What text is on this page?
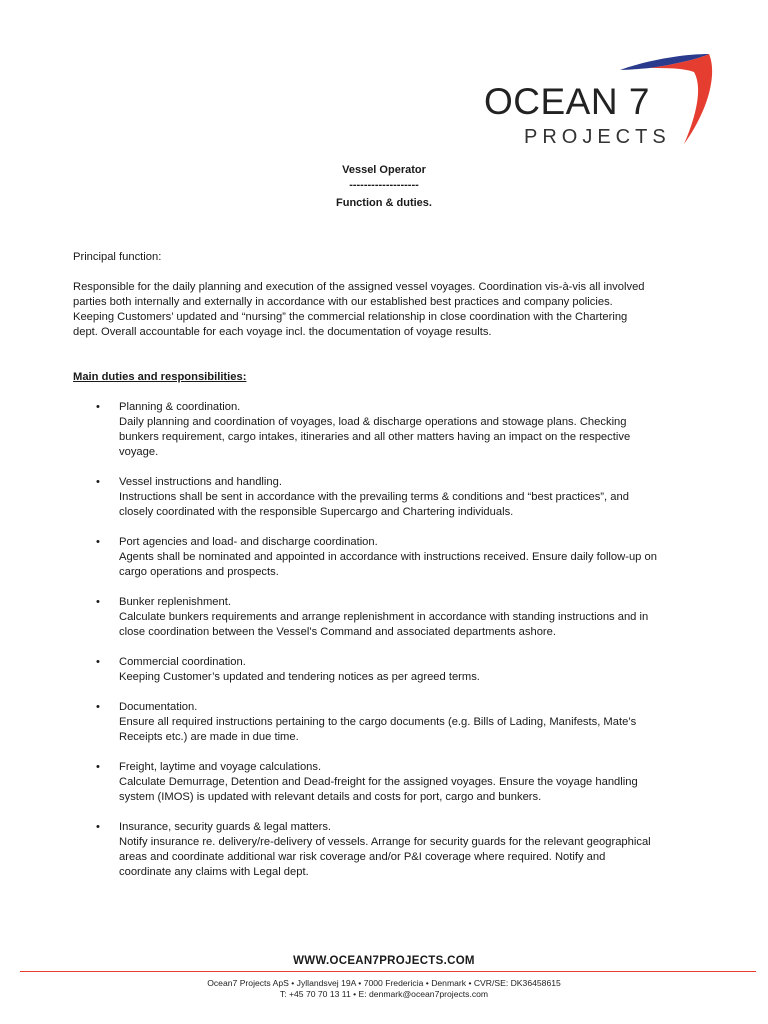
OCEAN 7
PROJECTS
Vessel Operator
-------------------
Function & duties.
Principal function:
Responsible for the daily planning and execution of the assigned vessel voyages. Coordination vis-à-vis all involved
parties both internally and externally in accordance with our established best practices and company policies.
Keeping Customers’ updated and “nursing” the commercial relationship in close coordination with the Chartering
dept. Overall accountable for each voyage incl. the documentation of voyage results.
Main duties and responsibilities:
• Planning & coordination.
Daily planning and coordination of voyages, load & discharge operations and stowage plans. Checking
bunkers requirement, cargo intakes, itineraries and all other matters having an impact on the respective
voyage.
• Vessel instructions and handling.
Instructions shall be sent in accordance with the prevailing terms & conditions and “best practices”, and
closely coordinated with the responsible Supercargo and Chartering individuals.
• Port agencies and load- and discharge coordination.
Agents shall be nominated and appointed in accordance with instructions received. Ensure daily follow-up on
cargo operations and prospects.
• Bunker replenishment.
Calculate bunkers requirements and arrange replenishment in accordance with standing instructions and in
close coordination between the Vessel’s Command and associated departments ashore.
• Commercial coordination.
Keeping Customer’s updated and tendering notices as per agreed terms.
• Documentation.
Ensure all required instructions pertaining to the cargo documents (e.g. Bills of Lading, Manifests, Mate’s
Receipts etc.) are made in due time.
• Freight, laytime and voyage calculations.
Calculate Demurrage, Detention and Dead-freight for the assigned voyages. Ensure the voyage handling
system (IMOS) is updated with relevant details and costs for port, cargo and bunkers.
• Insurance, security guards & legal matters.
Notify insurance re. delivery/re-delivery of vessels. Arrange for security guards for the relevant geographical
areas and coordinate additional war risk coverage and/or P&I coverage where required. Notify and
coordinate any claims with Legal dept.
WWW.OCEAN7PROJECTS.COM
Ocean7 Projects ApS • Jyllandsvej 19A • 7000 Fredericia • Denmark • CVR/SE: DK36458615
T: +45 70 70 13 11 • E: denmark@ocean7projects.com
